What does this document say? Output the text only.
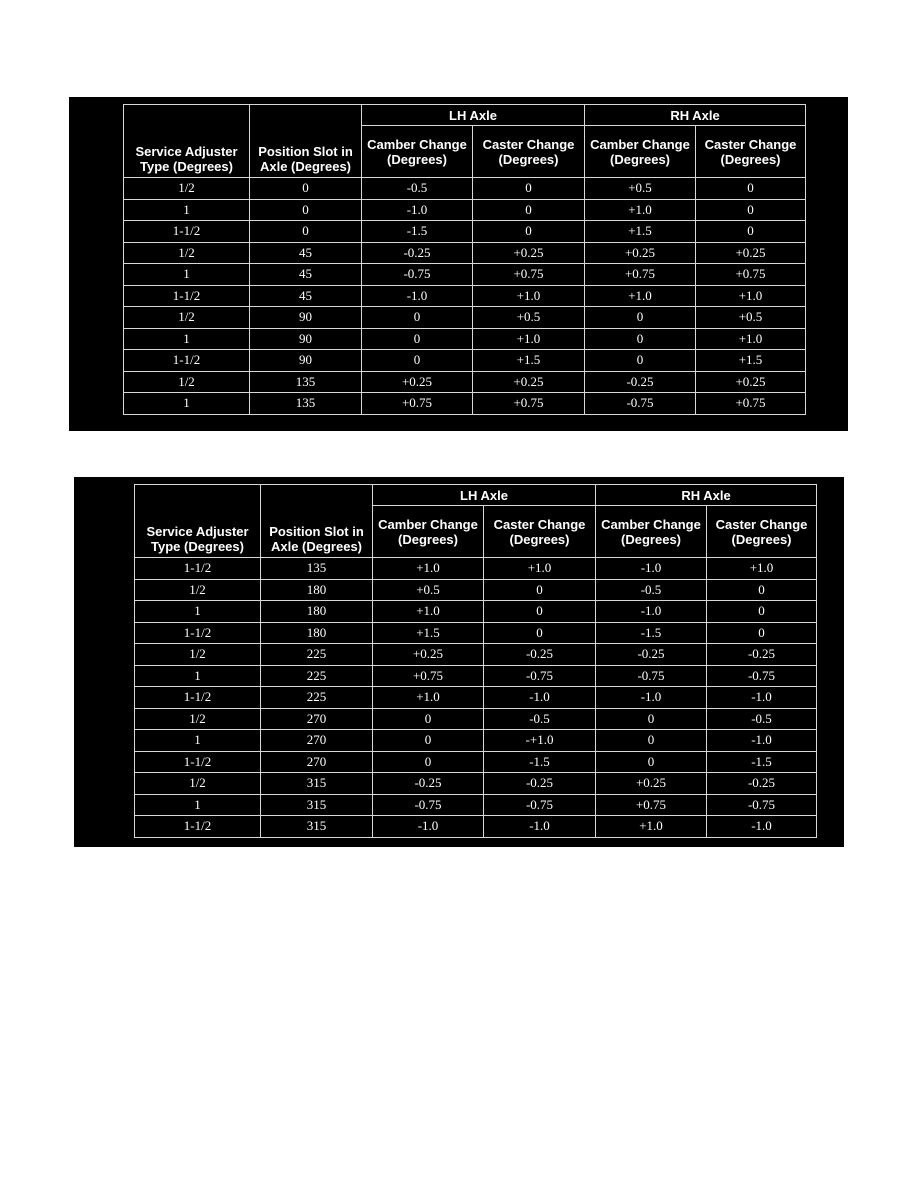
Service Adjuster Type (Degrees)	Position Slot in Axle (Degrees)	LH Axle		RH Axle	
		Camber Change (Degrees)	Caster Change (Degrees)	Camber Change (Degrees)	Caster Change (Degrees)
1/2	0	-0.5	0	+0.5	0
1	0	-1.0	0	+1.0	0
1-1/2	0	-1.5	0	+1.5	0
1/2	45	-0.25	+0.25	+0.25	+0.25
1	45	-0.75	+0.75	+0.75	+0.75
1-1/2	45	-1.0	+1.0	+1.0	+1.0
1/2	90	0	+0.5	0	+0.5
1	90	0	+1.0	0	+1.0
1-1/2	90	0	+1.5	0	+1.5
1/2	135	+0.25	+0.25	-0.25	+0.25
1	135	+0.75	+0.75	-0.75	+0.75
Service Adjuster Type (Degrees)	Position Slot in Axle (Degrees)	LH Axle		RH Axle	
		Camber Change (Degrees)	Caster Change (Degrees)	Camber Change (Degrees)	Caster Change (Degrees)
1-1/2	135	+1.0	+1.0	-1.0	+1.0
1/2	180	+0.5	0	-0.5	0
1	180	+1.0	0	-1.0	0
1-1/2	180	+1.5	0	-1.5	0
1/2	225	+0.25	-0.25	-0.25	-0.25
1	225	+0.75	-0.75	-0.75	-0.75
1-1/2	225	+1.0	-1.0	-1.0	-1.0
1/2	270	0	-0.5	0	-0.5
1	270	0	-+1.0	0	-1.0
1-1/2	270	0	-1.5	0	-1.5
1/2	315	-0.25	-0.25	+0.25	-0.25
1	315	-0.75	-0.75	+0.75	-0.75
1-1/2	315	-1.0	-1.0	+1.0	-1.0
